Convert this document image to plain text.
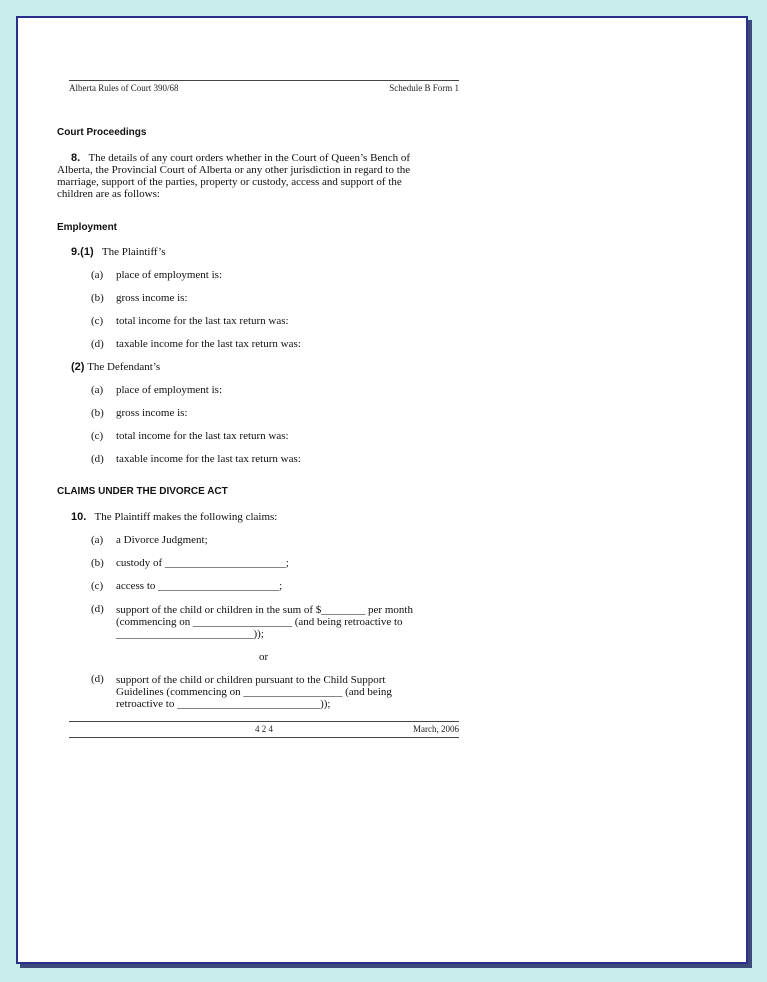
Alberta Rules of Court 390/68	Schedule B Form 1
Court Proceedings
8. The details of any court orders whether in the Court of Queen’s Bench of
Alberta, the Provincial Court of Alberta or any other jurisdiction in regard to the
marriage, support of the parties, property or custody, access and support of the
children are as follows:
Employment
9.(1) The Plaintiff’s
(a) place of employment is:
(b) gross income is:
(c) total income for the last tax return was:
(d) taxable income for the last tax return was:
(2) The Defendant’s
(a) place of employment is:
(b) gross income is:
(c) total income for the last tax return was:
(d) taxable income for the last tax return was:
CLAIMS UNDER THE DIVORCE ACT
10. The Plaintiff makes the following claims:
(a) a Divorce Judgment;
(b) custody of ______________________;
(c) access to ______________________;
(d) support of the child or children in the sum of $________ per month
(commencing on __________________ (and being retroactive to
_________________________));
or
(d) support of the child or children pursuant to the Child Support
Guidelines (commencing on __________________ (and being
retroactive to __________________________));
4 2 4	March, 2006
